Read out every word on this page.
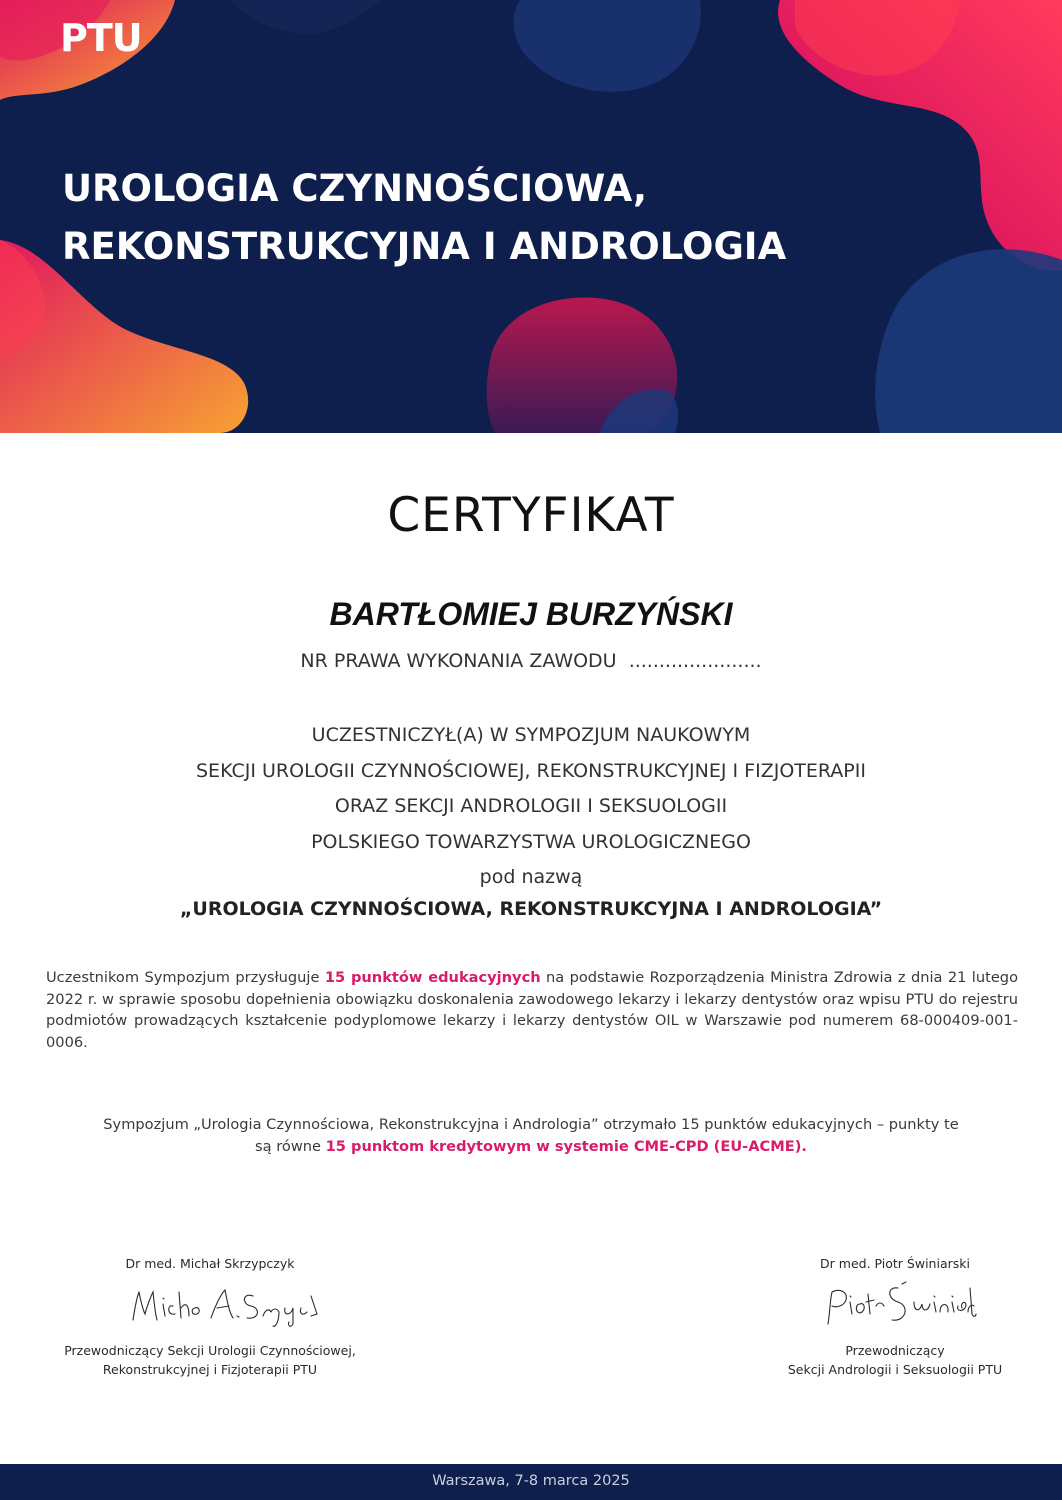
PTU
UROLOGIA CZYNNOŚCIOWA,
REKONSTRUKCYJNA I ANDROLOGIA
CERTYFIKAT
BARTŁOMIEJ BURZYŃSKI
NR PRAWA WYKONANIA ZAWODU ......................
UCZESTNICZYŁ(A) W SYMPOZJUM NAUKOWYM
SEKCJI UROLOGII CZYNNOŚCIOWEJ, REKONSTRUKCYJNEJ I FIZJOTERAPII
ORAZ SEKCJI ANDROLOGII I SEKSUOLOGII
POLSKIEGO TOWARZYSTWA UROLOGICZNEGO
pod nazwą
„UROLOGIA CZYNNOŚCIOWA, REKONSTRUKCYJNA I ANDROLOGIA”

Uczestnikom Sympozjum przysługuje 15 punktów edukacyjnych na podstawie Rozporządzenia Ministra Zdrowia z dnia 21 lutego 2022 r. w sprawie sposobu dopełnienia obowiązku doskonalenia zawodowego lekarzy i lekarzy dentystów oraz wpisu PTU do rejestru podmiotów prowadzących kształcenie podyplomowe lekarzy i lekarzy dentystów OIL w Warszawie pod numerem 68-000409-001-0006.

Sympozjum „Urologia Czynnościowa, Rekonstrukcyjna i Andrologia” otrzymało 15 punktów edukacyjnych – punkty te są równe 15 punktom kredytowym w systemie CME-CPD (EU-ACME).

Dr med. Michał Skrzypczyk
Przewodniczący Sekcji Urologii Czynnościowej,
Rekonstrukcyjnej i Fizjoterapii PTU
Dr med. Piotr Świniarski
Przewodniczący
Sekcji Andrologii i Seksuologii PTU
Warszawa, 7-8 marca 2025
